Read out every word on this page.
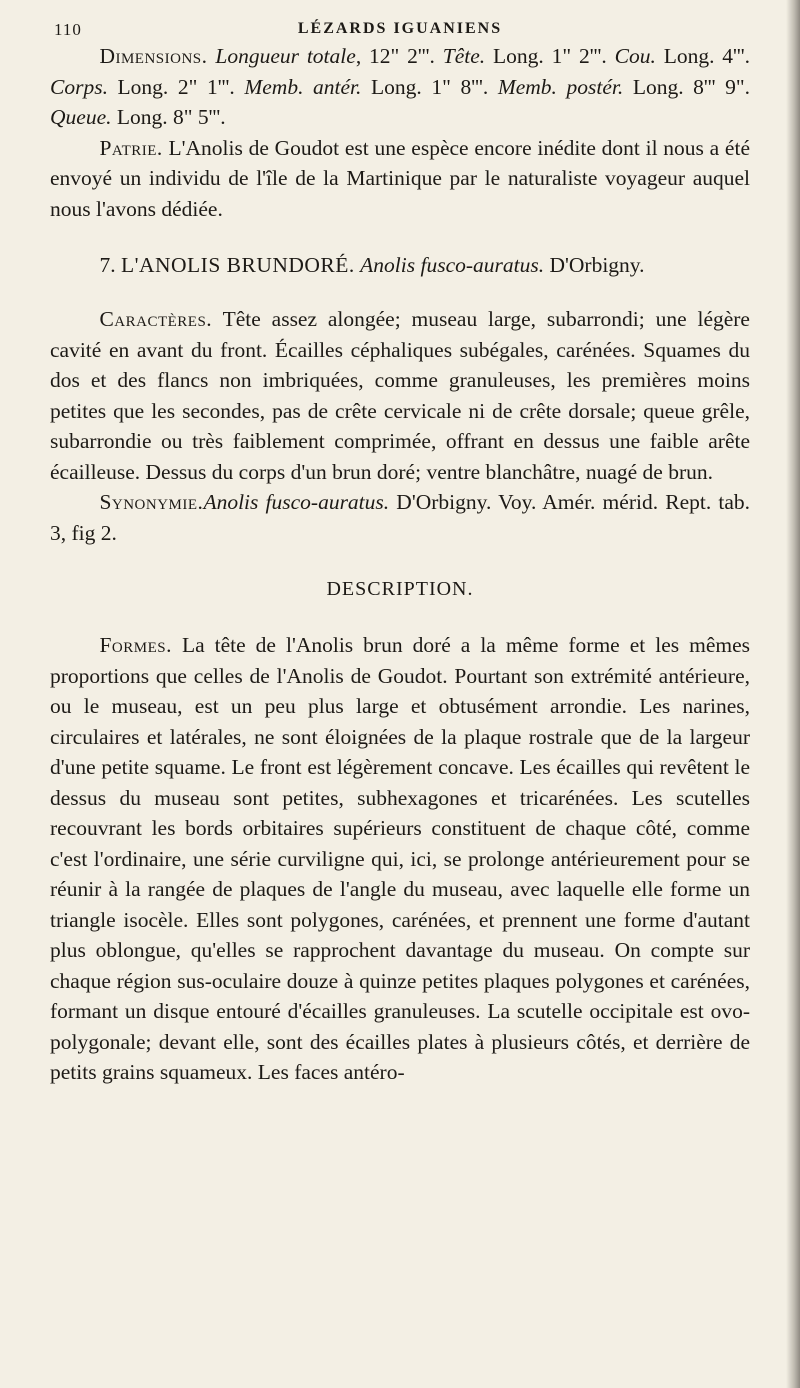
110	LÉZARDS IGUANIENS

Dimensions. Longueur totale, 12" 2'''. Tête. Long. 1" 2'''. Cou. Long. 4'''. Corps. Long. 2" 1'''. Memb. antér. Long. 1" 8'''. Memb. postér. Long. 8''' 9". Queue. Long. 8" 5'''.

Patrie. L'Anolis de Goudot est une espèce encore inédite dont il nous a été envoyé un individu de l'île de la Martinique par le naturaliste voyageur auquel nous l'avons dédiée.

7. L'ANOLIS BRUNDORÉ. Anolis fusco-auratus. D'Orbigny.

Caractères. Tête assez alongée; museau large, subarrondi; une légère cavité en avant du front. Écailles céphaliques subégales, carénées. Squames du dos et des flancs non imbriquées, comme granuleuses, les premières moins petites que les secondes, pas de crête cervicale ni de crête dorsale; queue grêle, subarrondie ou très faiblement comprimée, offrant en dessus une faible arête écailleuse. Dessus du corps d'un brun doré; ventre blanchâtre, nuagé de brun.

Synonymie.Anolis fusco-auratus. D'Orbigny. Voy. Amér. mérid. Rept. tab. 3, fig 2.

DESCRIPTION.

Formes. La tête de l'Anolis brun doré a la même forme et les mêmes proportions que celles de l'Anolis de Goudot. Pourtant son extrémité antérieure, ou le museau, est un peu plus large et obtusément arrondie. Les narines, circulaires et latérales, ne sont éloignées de la plaque rostrale que de la largeur d'une petite squame. Le front est légèrement concave. Les écailles qui revêtent le dessus du museau sont petites, subhexagones et tricarénées. Les scutelles recouvrant les bords orbitaires supérieurs constituent de chaque côté, comme c'est l'ordinaire, une série curviligne qui, ici, se prolonge antérieurement pour se réunir à la rangée de plaques de l'angle du museau, avec laquelle elle forme un triangle isocèle. Elles sont polygones, carénées, et prennent une forme d'autant plus oblongue, qu'elles se rapprochent davantage du museau. On compte sur chaque région sus-oculaire douze à quinze petites plaques polygones et carénées, formant un disque entouré d'écailles granuleuses. La scutelle occipitale est ovo-polygonale; devant elle, sont des écailles plates à plusieurs côtés, et derrière de petits grains squameux. Les faces antéro-
